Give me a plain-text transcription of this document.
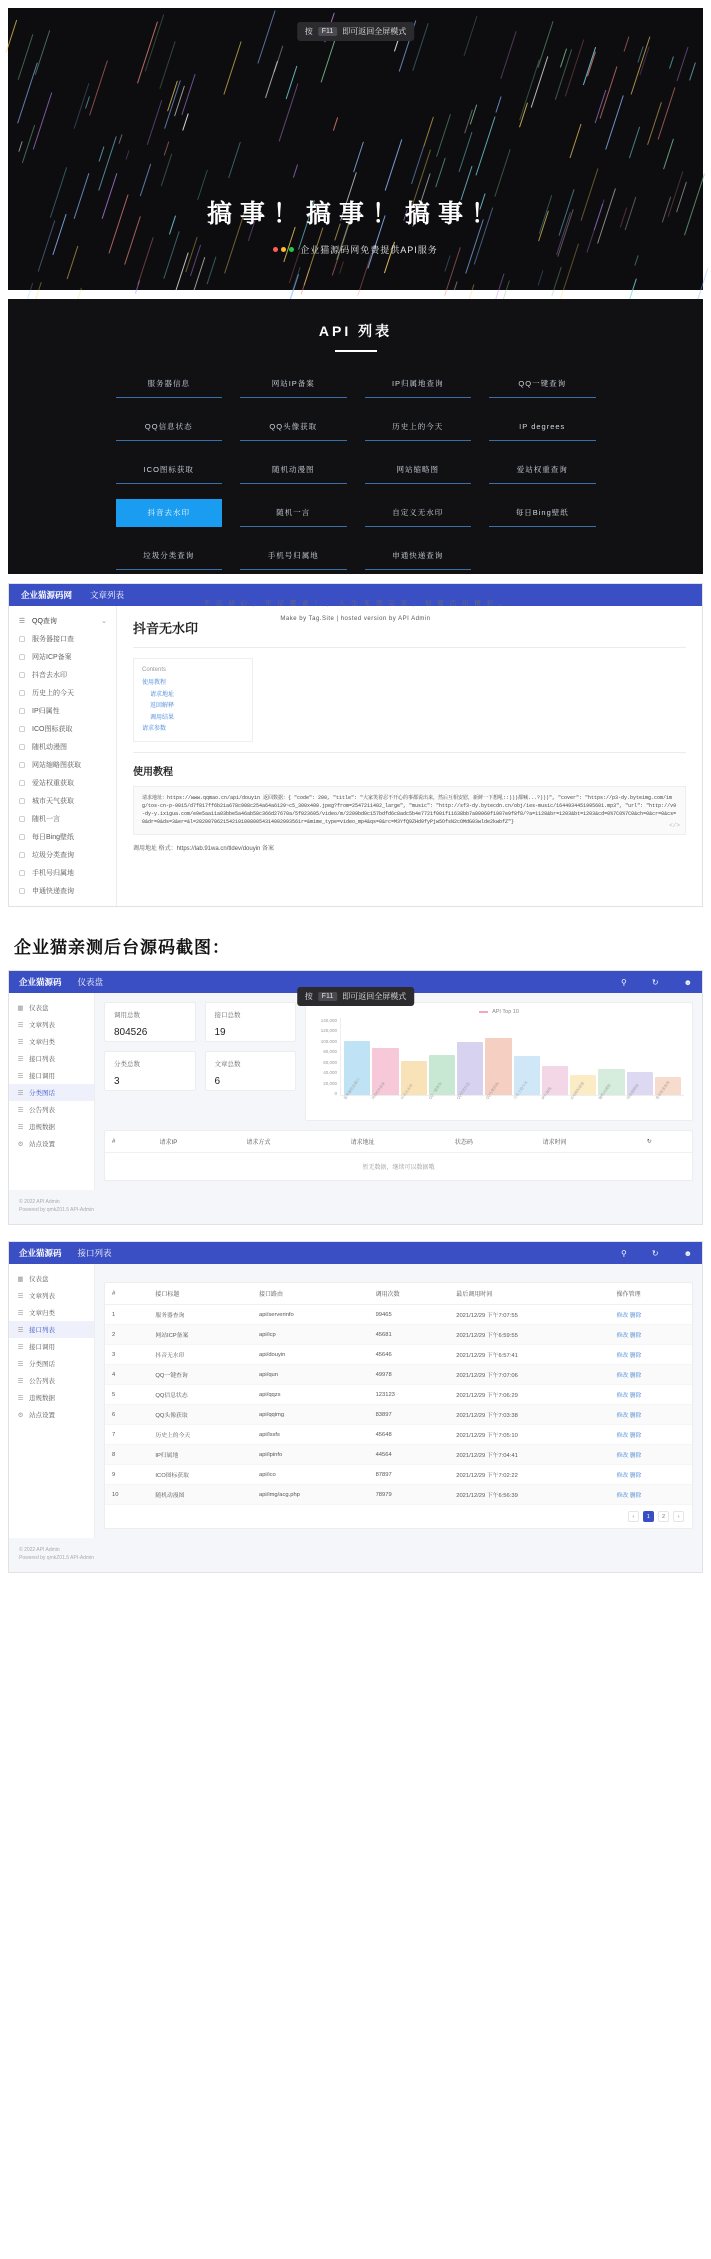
按	F11	即可返回全屏模式
搞事！搞事！搞事！
企业猫源码网免费提供API服务
API 列表
服务器信息	网站IP备案	IP归属地查询	QQ一键查询
QQ信息状态	QQ头像获取	历史上的今天	IP degrees
ICO图标获取	随机动漫图	网站缩略图	爱站权重查询
抖音去水印	随机一言	自定义无水印	每日Bing壁纸
垃圾分类查询	手机号归属地	申通快递查询
不 忘 初 心 ， 牢 记 使 命 ！ ， 人 生 无 需 完 美 ， 但 要 活 出 精 彩 。
Make by Tag.Site | hosted version by API Admin
企业猫源码网 文章列表
☰ QQ查询	⌄
▢ 服务器接口查
▢ 网站ICP备案
▢ 抖音去水印
▢ 历史上的今天
▢ IP归属性
▢ ICO图标获取
▢ 随机动漫图
▢ 网站缩略图获取
▢ 爱站权重获取
▢ 城市天气获取
▢ 随机一言
▢ 每日Bing壁纸
▢ 垃圾分类查询
▢ 手机号归属地
▢ 申通快递查询
抖音无水印
Contents
使用教程
请求地址
返回解释
调用结果
请求参数
使用教程
请求地址：https://www.qqmao.cn/api/douyin 返回数据：{ "code": 200, "title": "大家笑着忍不开心的事都说出来，然后互相安慰，新鲜一下想吼::)))都喊...?)))", "cover": "https://p3-dy.byteimg.com/img/tos-cn-p-0015/d7f817ff6b21a678c908c254a64a6129~c5_300x400.jpeg?from=2547211402_large", "music": "http://sf3-dy.bytecdn.cn/obj/ies-music/1644934451995601.mp3", "url": "http://v9-dy-y.ixigua.com/e9e5aa11a03bbe5a46ab58c366d27670a/5f023605/video/m/2209bd0c157bdfd6c8adc5b4e7721f001f11638bb7a00060f1907e9f8f8/?a=1128&br=1203&bt=1203&cd=0%7C0%7C0&ch=0&cr=0&cs=0&dr=0&ds=3&er=&l=20200706215421018080054314002993561r=&mime_type=video_mp4&qs=0&rc=M3YfQ9ZHd9fyPjw5OfsN2cOMdG03wlde2kwbfZ"}
</>
调用地址 格式：https://lab.91wa.cn/tldev/douyin 备案
企业猫亲测后台源码截图：
企业猫源码 仪表盘	⚲	↻	☻
按	F11	即可返回全屏模式
▦ 仪表盘
☰ 文章列表
☰ 文章归类
☰ 接口列表
☰ 接口调用
☰ 分类图话
☰ 公告列表
☰ 违规数据
⚙ 站点设置
调用总数
804526
接口总数
19
分类总数
3
文章总数
6
API Top 10
140,000
120,000
100,000
80,000
60,000
40,000
20,000
0 服务器信息接口	网站ICP备案	抖音去水印	QQ一键查询	QQ信息状态	QQ头像获取	历史上的今天	IP归属地	ICO图标获取	随机动漫图	网站缩略图	爱站权重查询
#	请求IP	请求方式	请求地址	状态码	请求时间	↻
暂无数据，继续可以数据哦
© 2022 API Admin
Powered by qmkZ01.5 API-Admin
企业猫源码 接口列表	⚲	↻	☻
▦ 仪表盘
☰ 文章列表
☰ 文章归类
☰ 接口列表
☰ 接口调用
☰ 分类图话
☰ 公告列表
☰ 违规数据
⚙ 站点设置
#	接口标题	接口路由	调用次数	最后调用时间	操作管理
1	服务器查询	api/serverinfo	99465	2021/12/29 下午7:07:55	修改 删除
2	网站ICP备案	api/icp	45681	2021/12/29 下午6:59:55	修改 删除
3	抖音无水印	api/douyin	45646	2021/12/29 下午6:57:41	修改 删除
4	QQ一键查询	api/qun	49978	2021/12/29 下午7:07:06	修改 删除
5	QQ信息状态	api/qqzs	123123	2021/12/29 下午7:06:29	修改 删除
6	QQ头像获取	api/qqimg	83897	2021/12/29 下午7:03:38	修改 删除
7	历史上的今天	api/lssfs	45648	2021/12/29 下午7:05:10	修改 删除
8	IP归属地	api/ipinfo	44564	2021/12/29 下午7:04:41	修改 删除
9	ICO图标获取	api/ico	87897	2021/12/29 下午7:02:22	修改 删除
10	随机动漫图	api/img/acg.php	78979	2021/12/29 下午6:56:39	修改 删除
‹	1	2	›
© 2022 API Admin
Powered by qmkZ01.5 API-Admin
